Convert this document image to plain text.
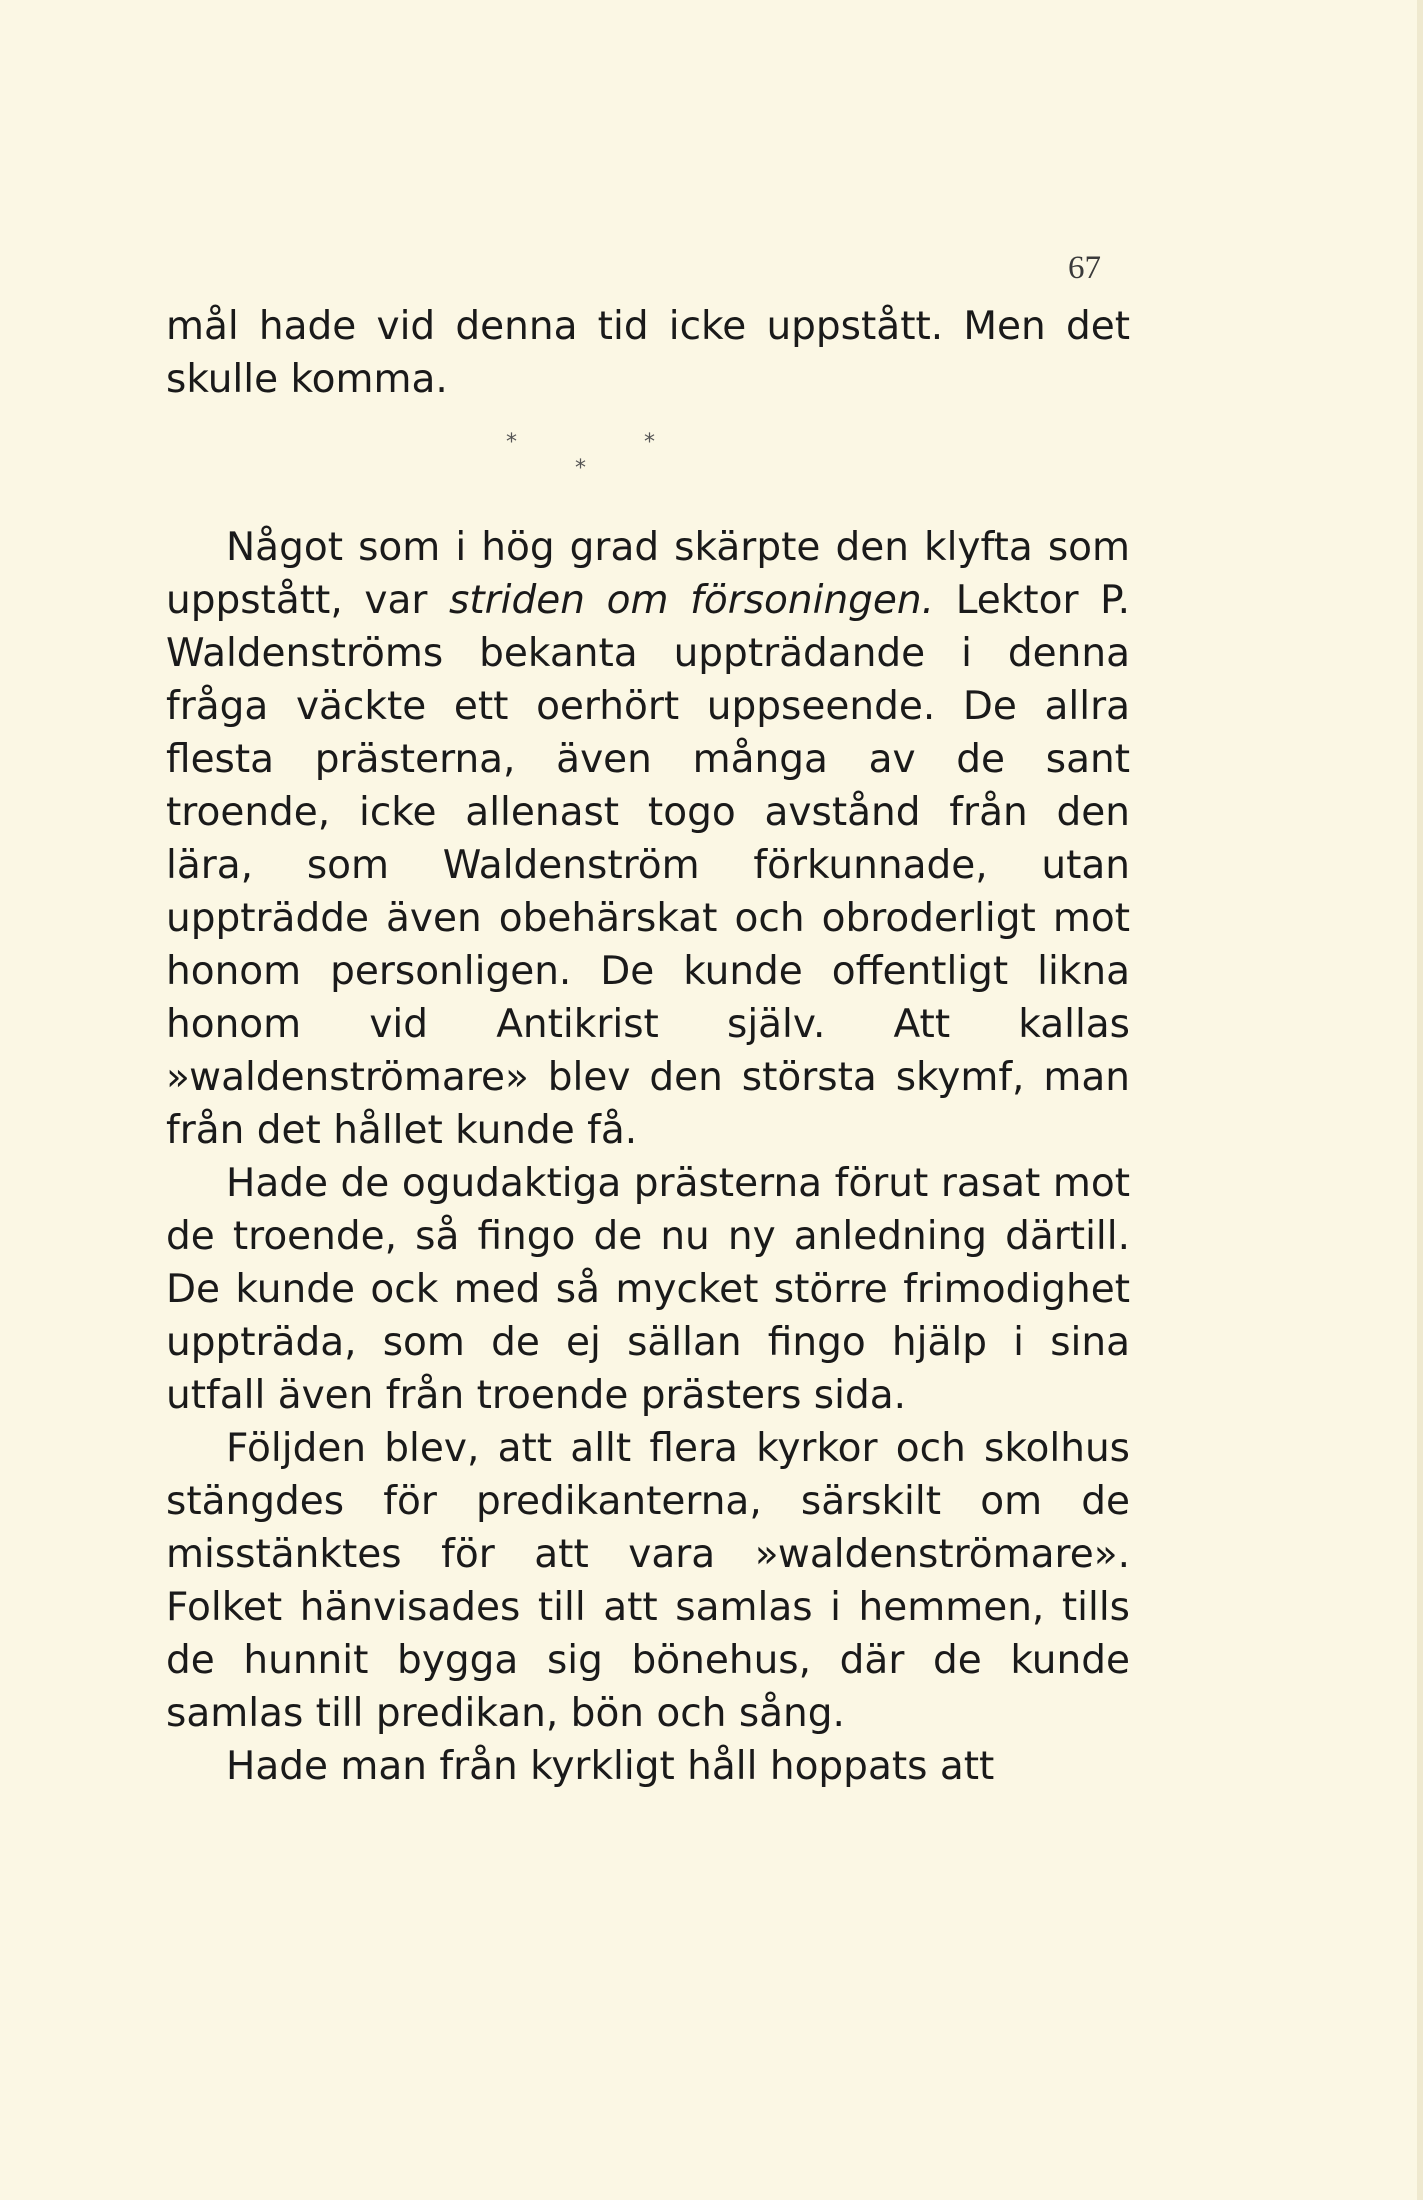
67

mål hade vid denna tid icke uppstått. Men det skulle komma.

*	*
*

Något som i hög grad skärpte den klyfta som uppstått, var striden om försoningen. Lektor P. Waldenströms bekanta uppträdande i denna fråga väckte ett oerhört uppseende. De allra flesta prästerna, även många av de sant troende, icke allenast togo avstånd från den lära, som Waldenström förkunnade, utan uppträdde även obehärskat och obroderligt mot honom personligen. De kunde offentligt likna honom vid Antikrist själv. Att kallas »waldenströmare» blev den största skymf, man från det hållet kunde få.

Hade de ogudaktiga prästerna förut rasat mot de troende, så fingo de nu ny anledning därtill. De kunde ock med så mycket större frimodighet uppträda, som de ej sällan fingo hjälp i sina utfall även från troende prästers sida.

Följden blev, att allt flera kyrkor och skolhus stängdes för predikanterna, särskilt om de misstänktes för att vara »waldenströmare». Folket hänvisades till att samlas i hemmen, tills de hunnit bygga sig bönehus, där de kunde samlas till predikan, bön och sång.

Hade man från kyrkligt håll hoppats att
